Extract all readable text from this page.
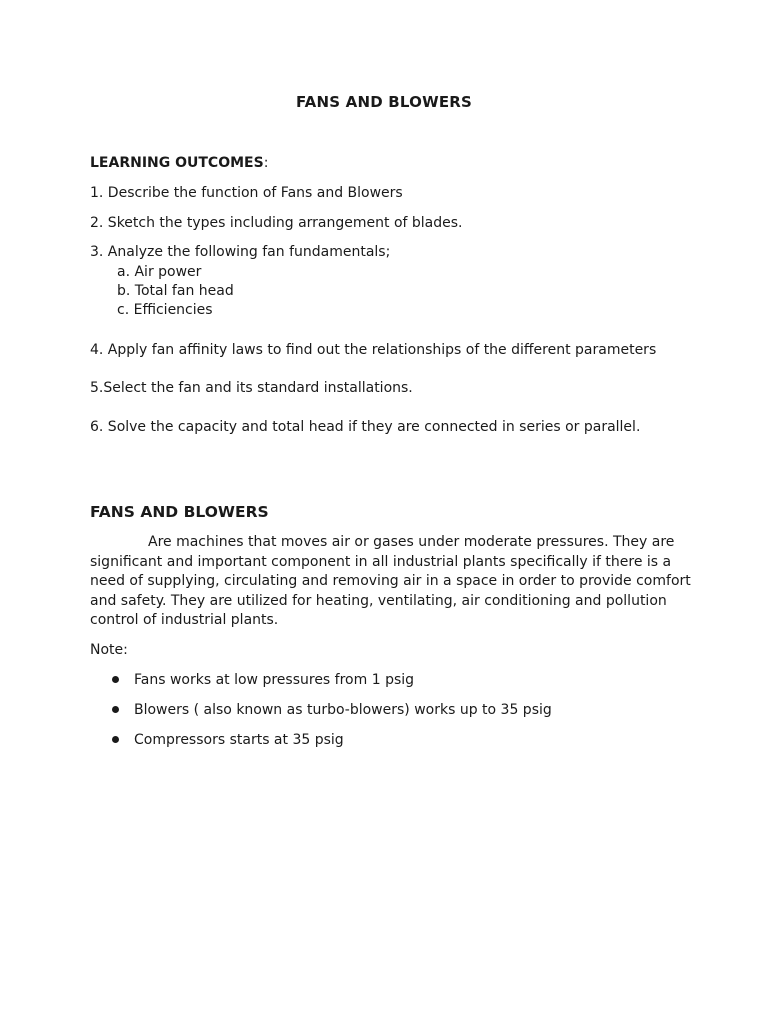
FANS AND BLOWERS
LEARNING OUTCOMES:
1. Describe the function of Fans and Blowers
2. Sketch the types including arrangement of blades.
3. Analyze the following fan fundamentals;
a. Air power
b. Total fan head
c. Efficiencies
4. Apply fan affinity laws to find out the relationships of the different parameters
5.Select the fan and its standard installations.
6. Solve the capacity and total head if they are connected in series or parallel.
FANS AND BLOWERS
Are machines that moves air or gases under moderate pressures. They are
significant and important component in all industrial plants specifically if there is a
need of supplying, circulating and removing air in a space in order to provide comfort
and safety. They are utilized for heating, ventilating, air conditioning and pollution
control of industrial plants.
Note:
Fans works at low pressures from 1 psig
Blowers ( also known as turbo-blowers) works up to 35 psig
Compressors starts at 35 psig
